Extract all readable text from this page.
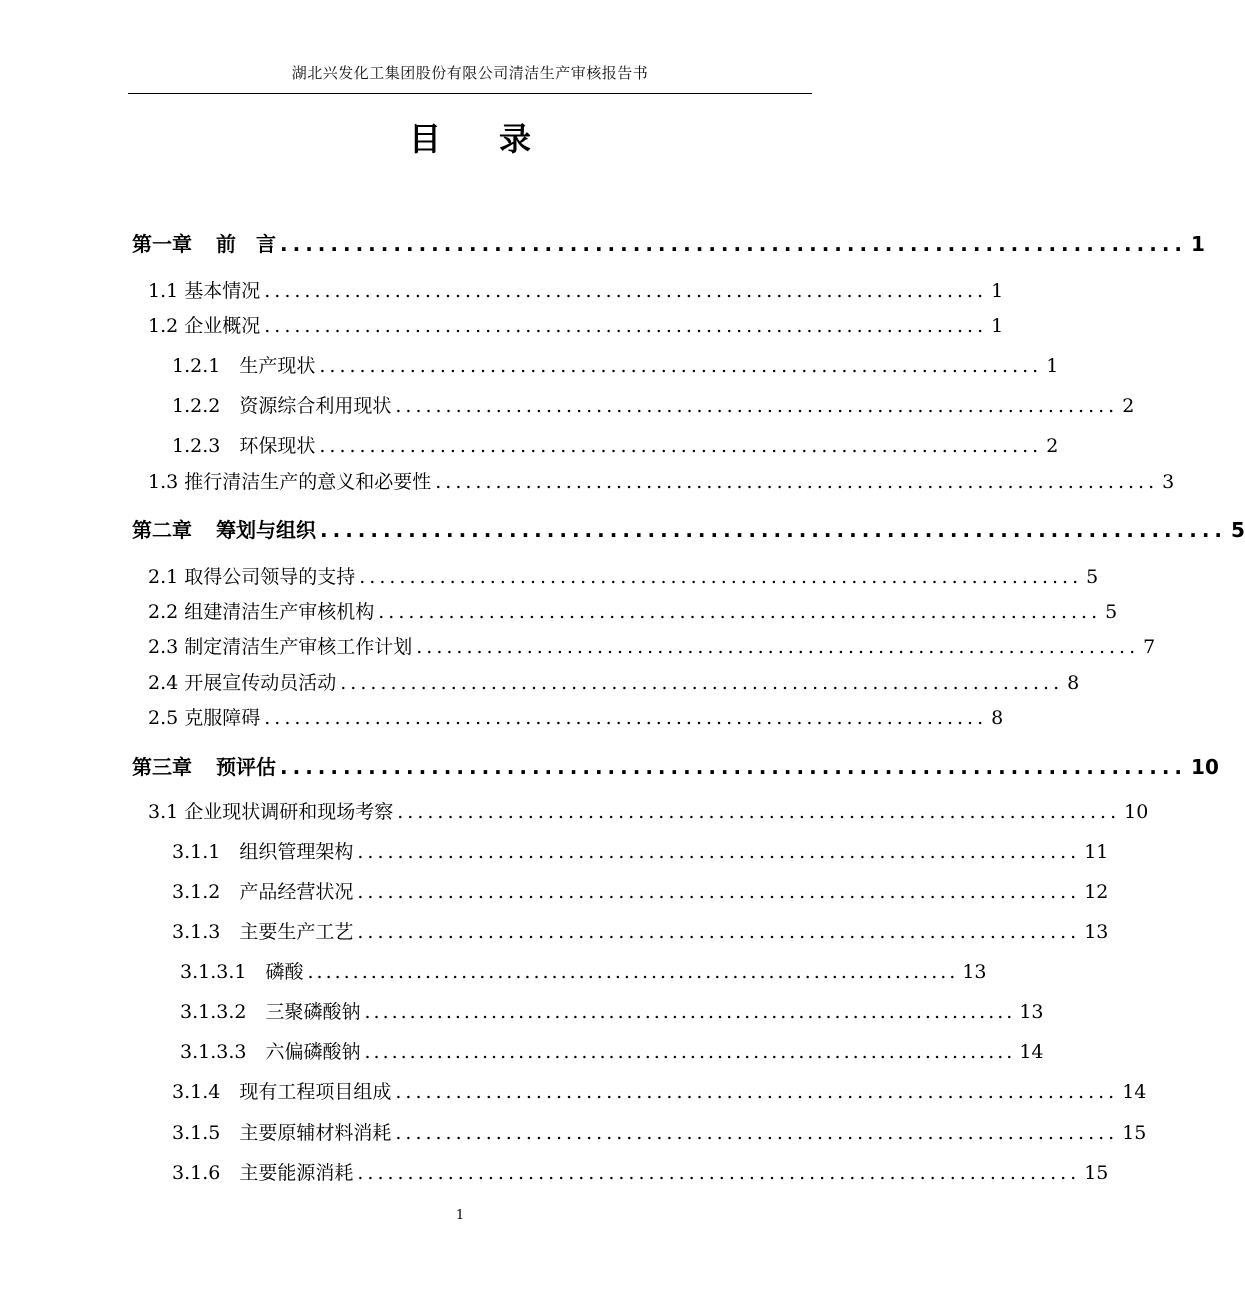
湖北兴发化工集团股份有限公司清洁生产审核报告书
目 录
第一章 前　言 ........................................................................ 1
1.1 基本情况 ........................................................................ 1
1.2 企业概况 ........................................................................ 1
1.2.1　生产现状 ........................................................................ 1
1.2.2　资源综合利用现状 ........................................................................ 2
1.2.3　环保现状 ........................................................................ 2
1.3 推行清洁生产的意义和必要性 ........................................................................ 3
第二章 筹划与组织 ........................................................................ 5
2.1 取得公司领导的支持 ........................................................................ 5
2.2 组建清洁生产审核机构 ........................................................................ 5
2.3 制定清洁生产审核工作计划 ........................................................................ 7
2.4 开展宣传动员活动 ........................................................................ 8
2.5 克服障碍 ........................................................................ 8
第三章 预评估 ........................................................................ 10
3.1 企业现状调研和现场考察 ........................................................................ 10
3.1.1　组织管理架构 ........................................................................ 11
3.1.2　产品经营状况 ........................................................................ 12
3.1.3　主要生产工艺 ........................................................................ 13
3.1.3.1　磷酸 ........................................................................ 13
3.1.3.2　三聚磷酸钠 ........................................................................ 13
3.1.3.3　六偏磷酸钠 ........................................................................ 14
3.1.4　现有工程项目组成 ........................................................................ 14
3.1.5　主要原辅材料消耗 ........................................................................ 15
3.1.6　主要能源消耗 ........................................................................ 15
1
